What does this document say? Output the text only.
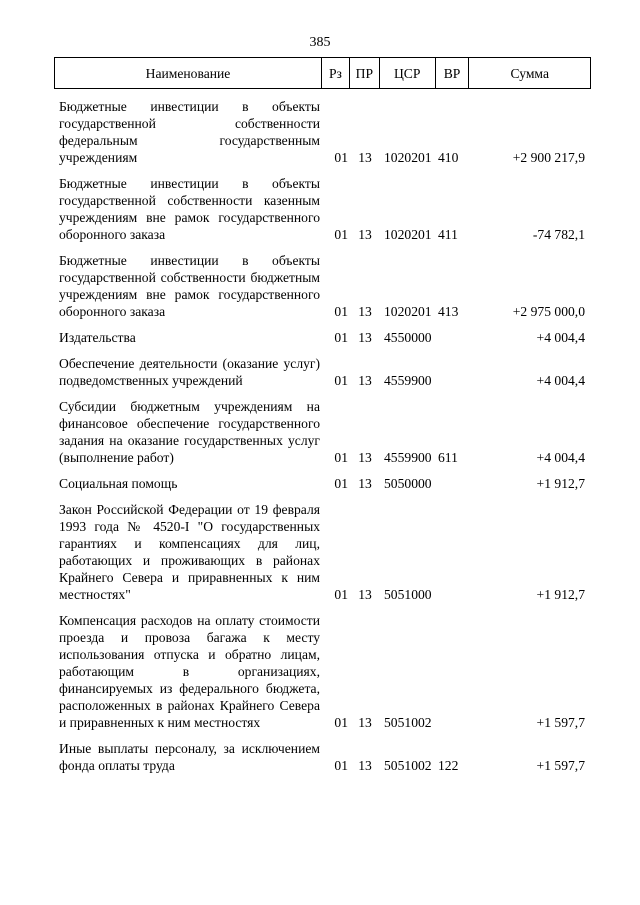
385
Наименование	Рз	ПР	ЦСР	ВР	Сумма
Бюджетные инвестиции в объекты государственной собственности федеральным государственным учреждениям	01 13 1020201 410	+2 900 217,9
Бюджетные инвестиции в объекты государственной собственности казенным учреждениям вне рамок государственного оборонного заказа	01 13 1020201 411	-74 782,1
Бюджетные инвестиции в объекты государственной собственности бюджетным учреждениям вне рамок государственного оборонного заказа	01 13 1020201 413	+2 975 000,0
Издательства	01 13 4550000	+4 004,4
Обеспечение деятельности (оказание услуг) подведомственных учреждений	01 13 4559900	+4 004,4
Субсидии бюджетным учреждениям на финансовое обеспечение государственного задания на оказание государственных услуг (выполнение работ)	01 13 4559900 611	+4 004,4
Социальная помощь	01 13 5050000	+1 912,7
Закон Российской Федерации от 19 февраля 1993 года № 4520-I "О государственных гарантиях и компенсациях для лиц, работающих и проживающих в районах Крайнего Севера и приравненных к ним местностях"	01 13 5051000	+1 912,7
Компенсация расходов на оплату стоимости проезда и провоза багажа к месту использования отпуска и обратно лицам, работающим в организациях, финансируемых из федерального бюджета, расположенных в районах Крайнего Севера и приравненных к ним местностях	01 13 5051002	+1 597,7
Иные выплаты персоналу, за исключением фонда оплаты труда	01 13 5051002 122	+1 597,7
